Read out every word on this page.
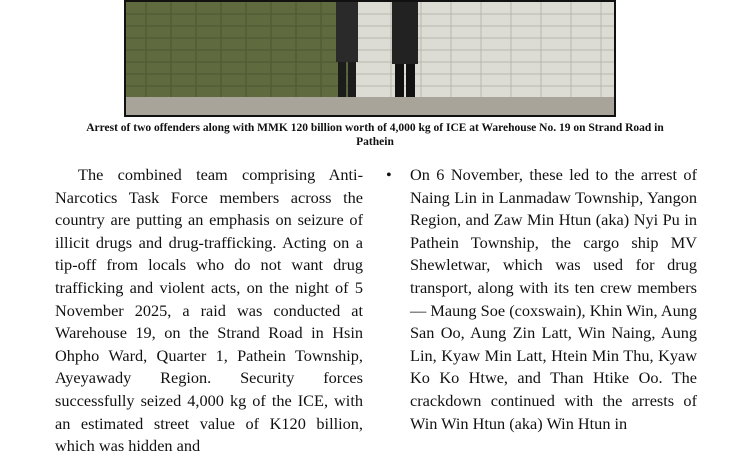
Arrest of two offenders along with MMK 120 billion worth of 4,000 kg of ICE at Warehouse No. 19 on Strand Road in
Pathein

The combined team comprising Anti-Narcotics Task Force members across the country are putting an emphasis on seizure of illicit drugs and drug-trafficking. Acting on a tip-off from locals who do not want drug trafficking and violent acts, on the night of 5 November 2025, a raid was conducted at Warehouse 19, on the Strand Road in Hsin Ohpho Ward, Quarter 1, Pathein Township, Ayeyawady Region. Security forces successfully seized 4,000 kg of the ICE, with an estimated street value of K120 billion, which was hidden and

• On 6 November, these led to the arrest of Naing Lin in Lanmadaw Township, Yangon Region, and Zaw Min Htun (aka) Nyi Pu in Pathein Township, the cargo ship MV Shewletwar, which was used for drug transport, along with its ten crew members — Maung Soe (coxswain), Khin Win, Aung San Oo, Aung Zin Latt, Win Naing, Aung Lin, Kyaw Min Latt, Htein Min Thu, Kyaw Ko Ko Htwe, and Than Htike Oo. The crackdown continued with the arrests of Win Win Htun (aka) Win Htun in
